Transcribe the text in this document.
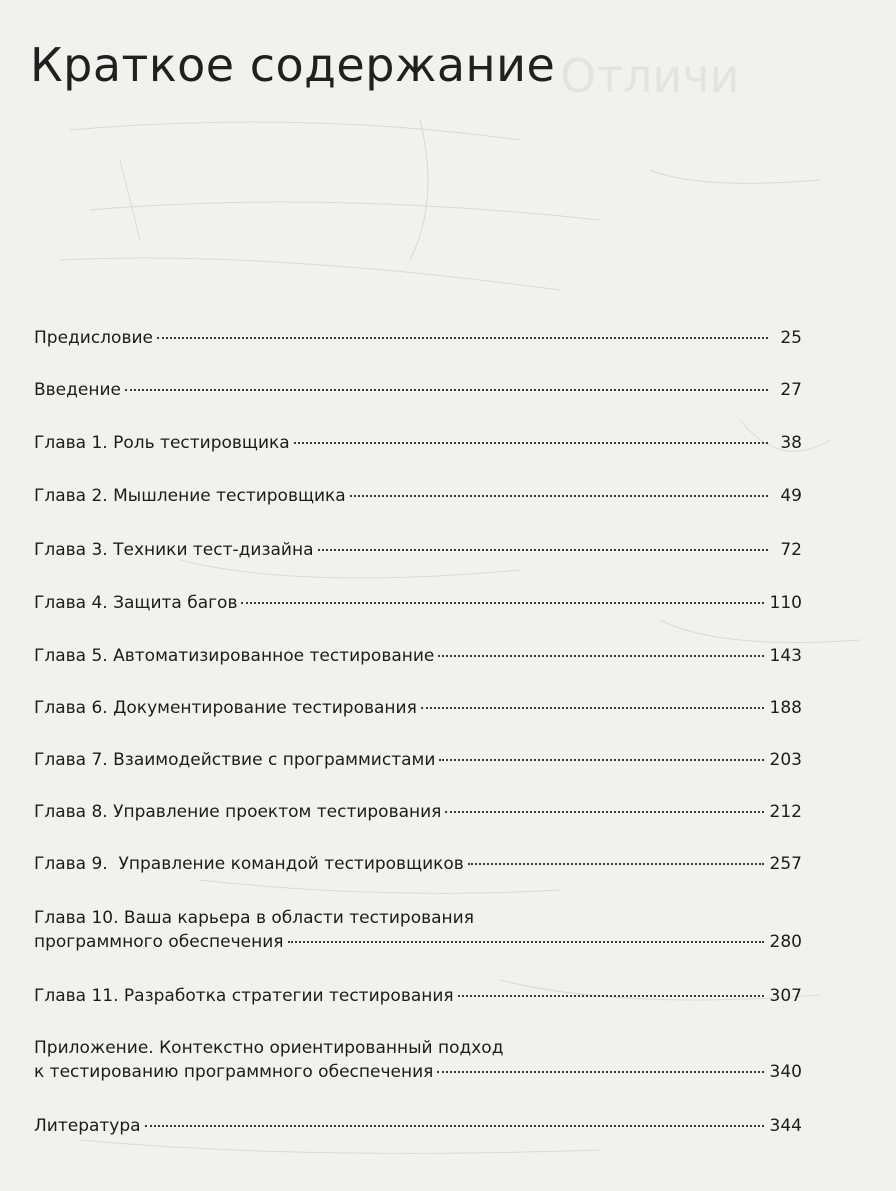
Отличи
Краткое содержание
Предисловие	25
Введение	27
Глава 1. Роль тестировщика	38
Глава 2. Мышление тестировщика	49
Глава 3. Техники тест-дизайна	72
Глава 4. Защита багов	110
Глава 5. Автоматизированное тестирование	143
Глава 6. Документирование тестирования	188
Глава 7. Взаимодействие с программистами	203
Глава 8. Управление проектом тестирования	212
Глава 9.  Управление командой тестировщиков	257
Глава 10. Ваша карьера в области тестирования
программного обеспечения	280
Глава 11. Разработка стратегии тестирования	307
Приложение. Контекстно ориентированный подход
к тестированию программного обеспечения	340
Литература	344
